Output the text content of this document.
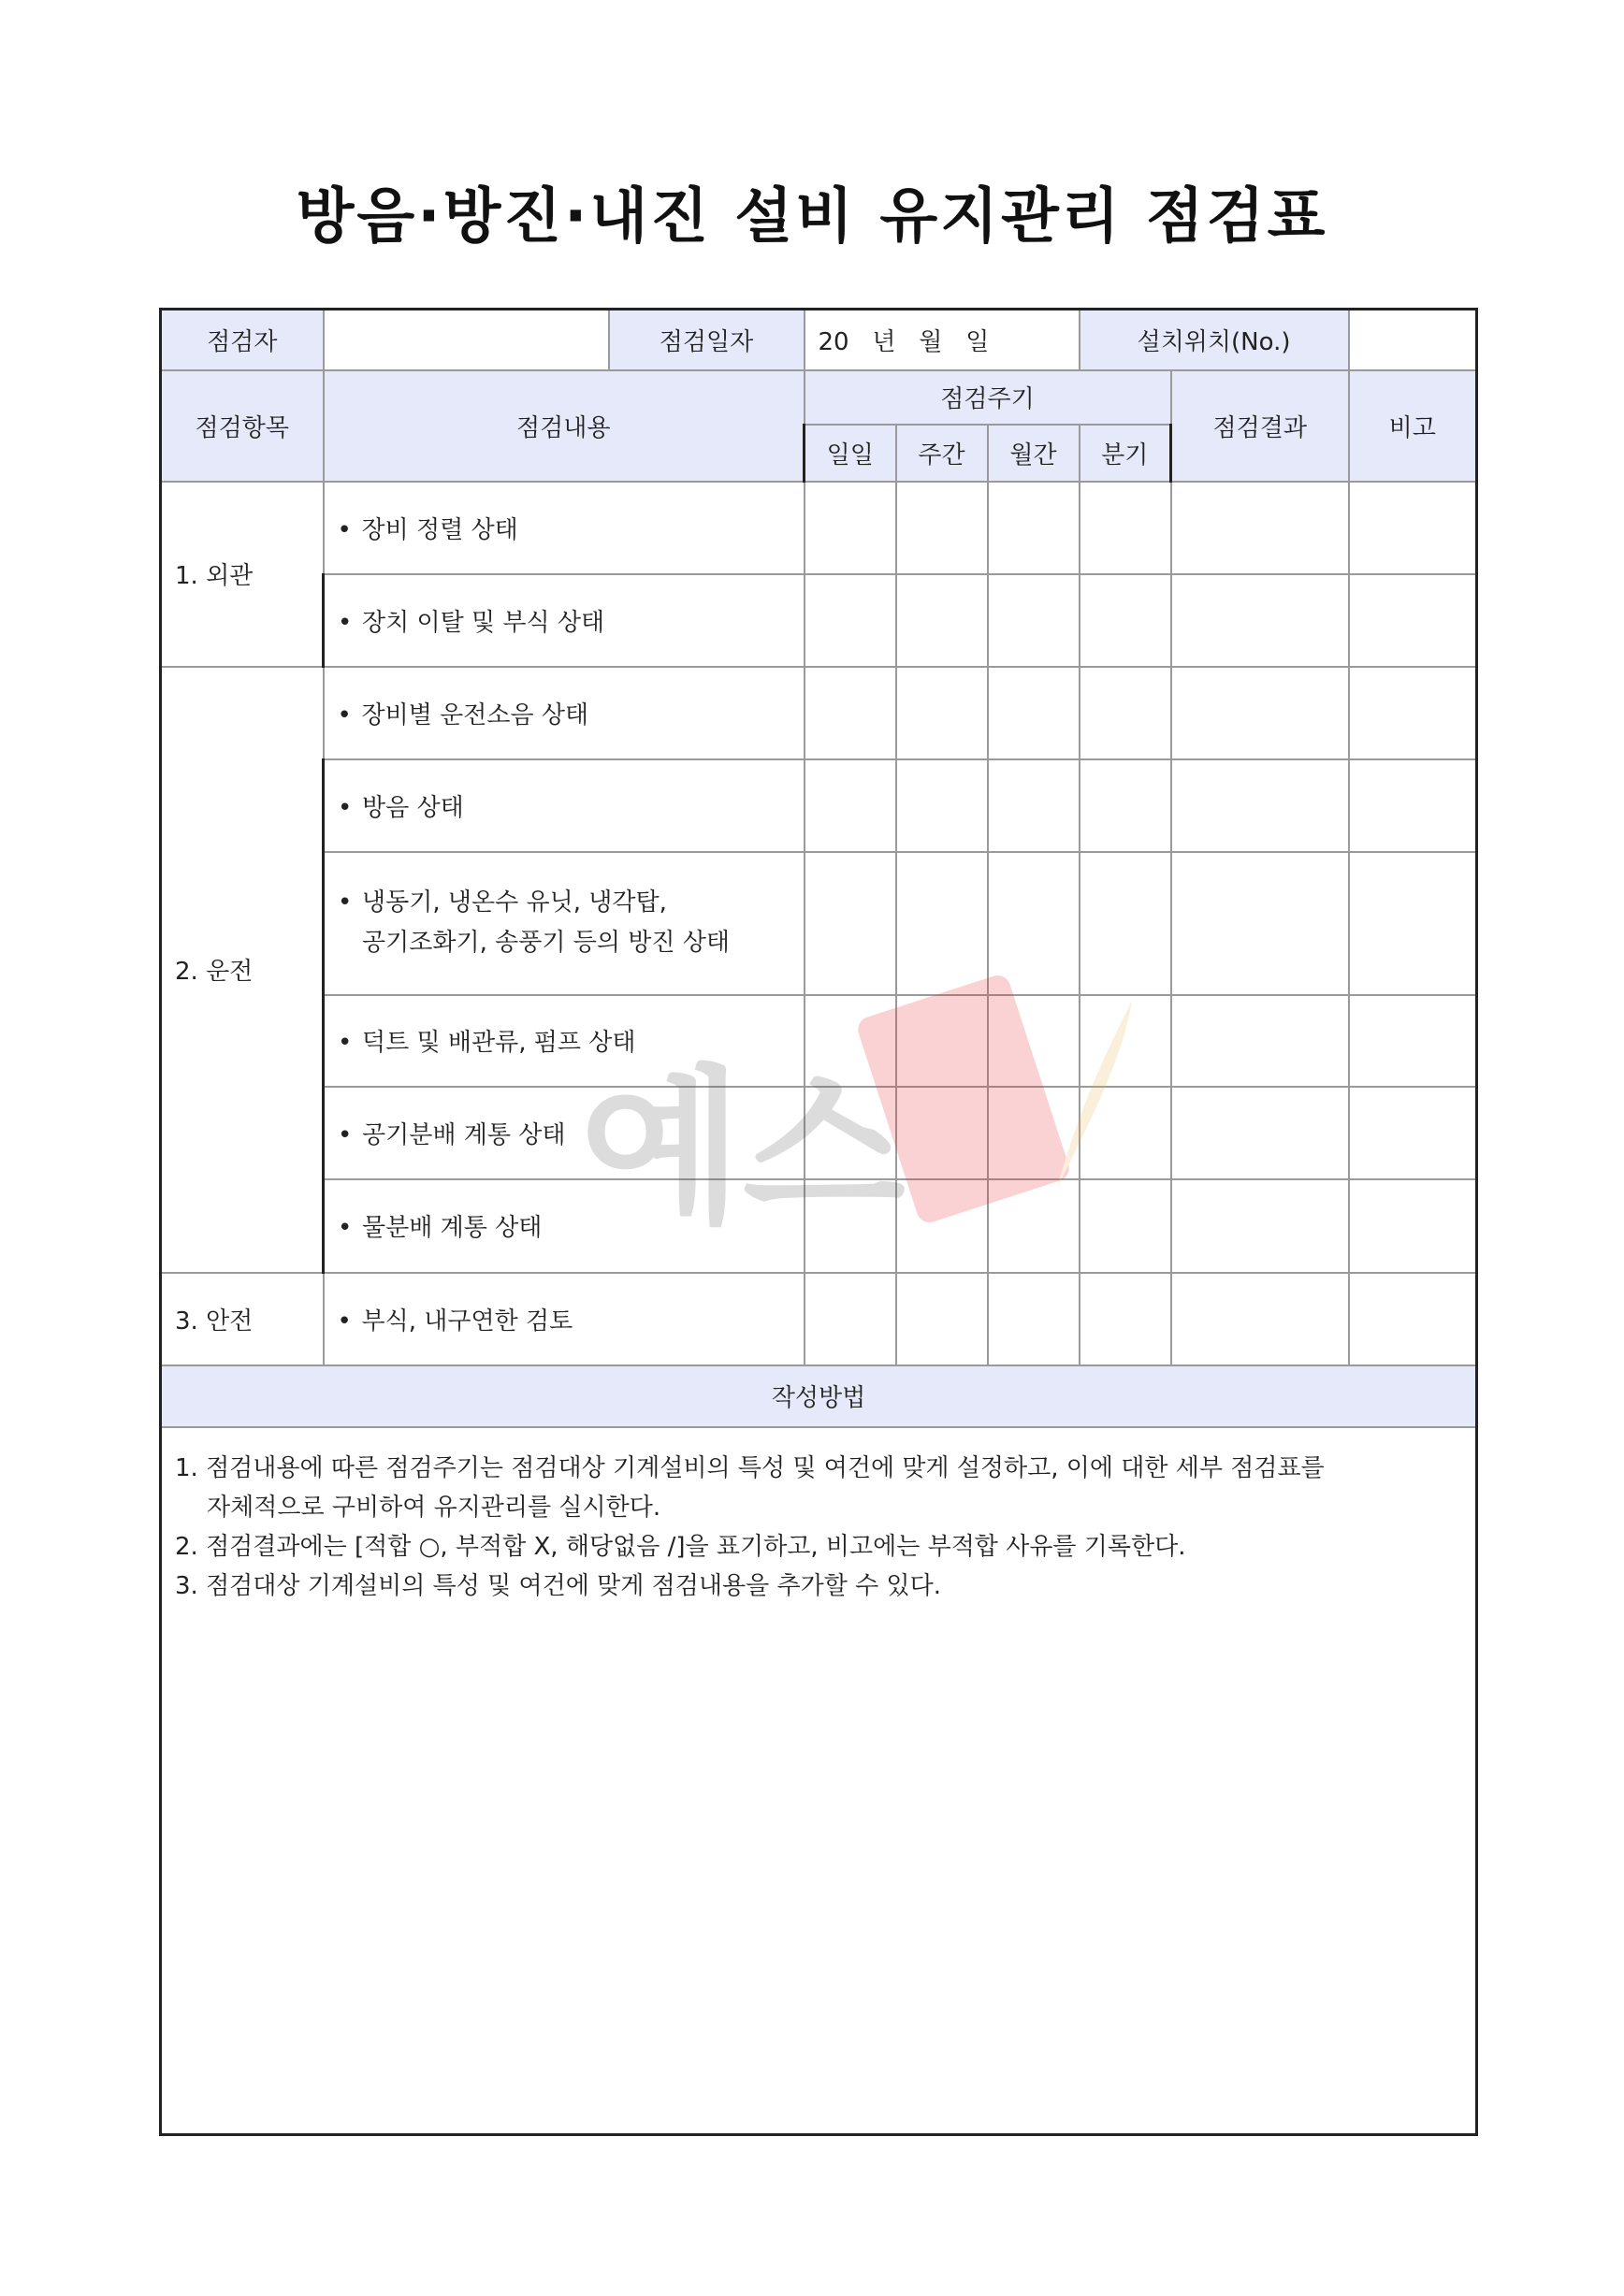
방음·방진·내진 설비 유지관리 점검표
점검자		점검일자	20   년   월   일			설치위치(No.)		
점검항목	점검내용		점검주기				점검결과	비고
			일일	주간	월간	분기		
1. 외관	• 장비 정렬 상태							
	• 장치 이탈 및 부식 상태							
2. 운전	• 장비별 운전소음 상태							
	• 방음 상태							

	• 냉동기, 냉온수 유닛, 냉각탑,
공기조화기, 송풍기 등의 방진 상태							

	• 덕트 및 배관류, 펌프 상태							
	• 공기분배 계통 상태							
	• 물분배 계통 상태							
3. 안전	• 부식, 내구연한 검토							
작성방법								

1. 점검내용에 따른 점검주기는 점검대상 기계설비의 특성 및 여건에 맞게 설정하고, 이에 대한 세부 점검표를
자체적으로 구비하여 유지관리를 실시한다.
2. 점검결과에는 [적합 ○, 부적합 X, 해당없음 /]을 표기하고, 비고에는 부적합 사유를 기록한다.
3. 점검대상 기계설비의 특성 및 여건에 맞게 점검내용을 추가할 수 있다.								
예스
